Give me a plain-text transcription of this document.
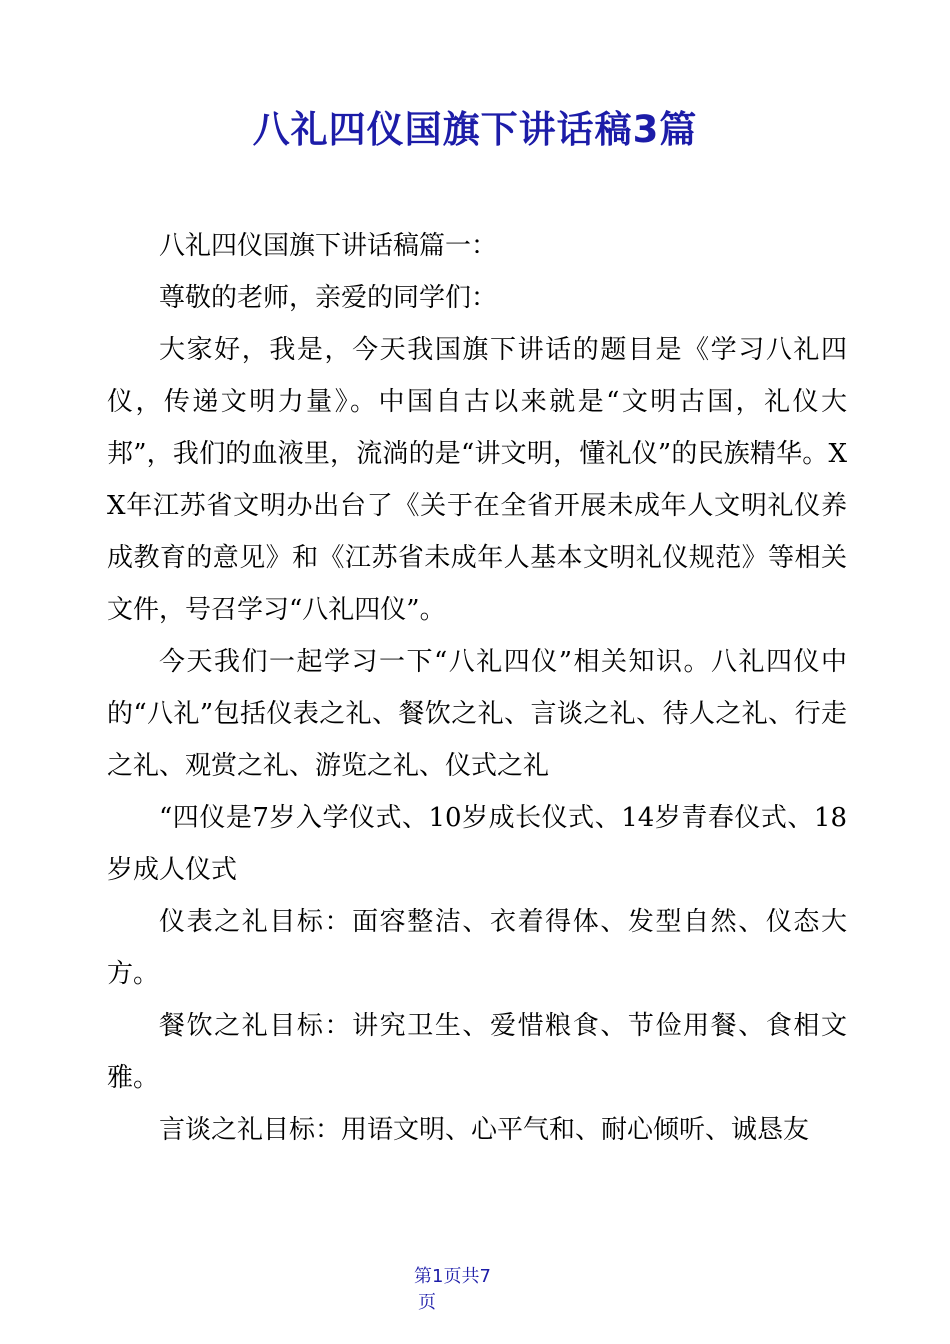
八礼四仪国旗下讲话稿3篇

八礼四仪国旗下讲话稿篇一：

尊敬的老师，亲爱的同学们：

大家好，我是，今天我国旗下讲话的题目是《学习八礼四仪，传递文明力量》。中国自古以来就是“文明古国，礼仪大邦”，我们的血液里，流淌的是“讲文明，懂礼仪”的民族精华。XX年江苏省文明办出台了《关于在全省开展未成年人文明礼仪养成教育的意见》和《江苏省未成年人基本文明礼仪规范》等相关文件，号召学习“八礼四仪”。

今天我们一起学习一下“八礼四仪”相关知识。八礼四仪中的“八礼”包括仪表之礼、餐饮之礼、言谈之礼、待人之礼、行走之礼、观赏之礼、游览之礼、仪式之礼

“四仪是7岁入学仪式、10岁成长仪式、14岁青春仪式、18岁成人仪式

仪表之礼目标：面容整洁、衣着得体、发型自然、仪态大方。

餐饮之礼目标：讲究卫生、爱惜粮食、节俭用餐、食相文雅。

言谈之礼目标：用语文明、心平气和、耐心倾听、诚恳友

第1页共7
页
